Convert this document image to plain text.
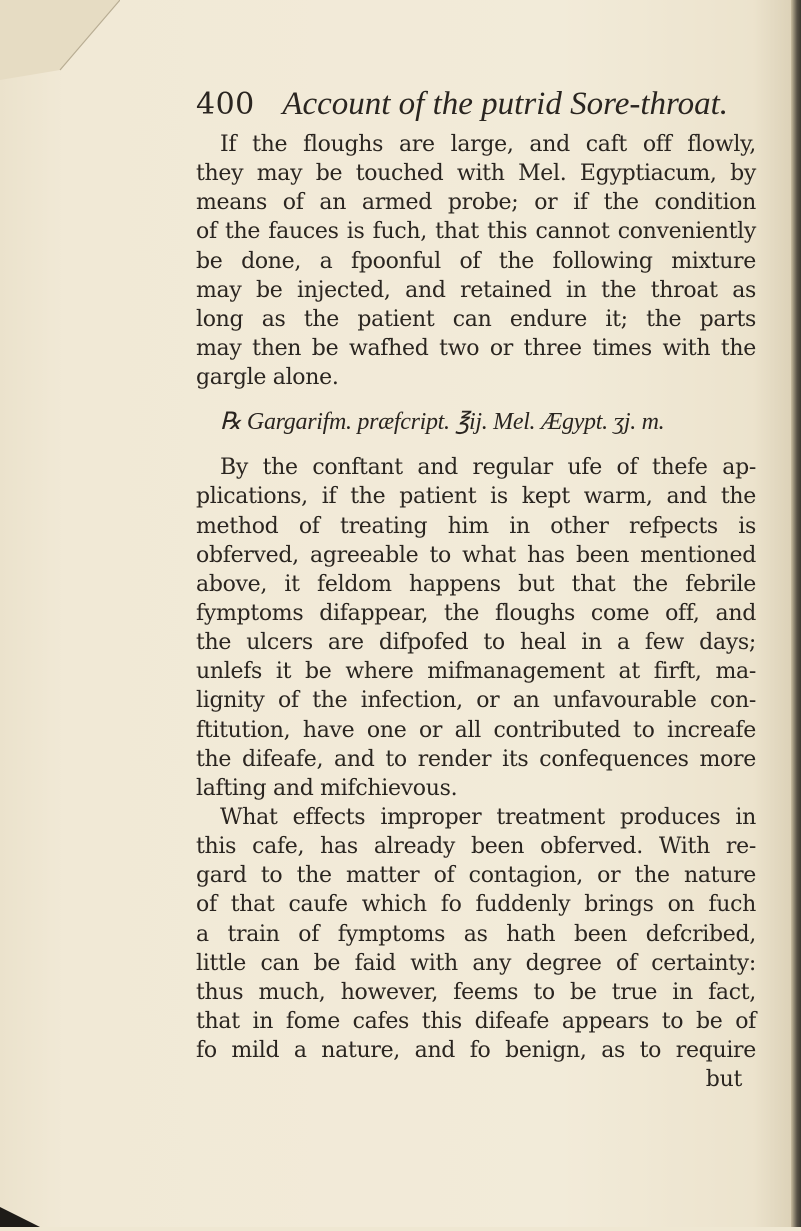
400 Account of the putrid Sore-throat.
If the floughs are large, and caft off flowly,
they may be touched with Mel. Egyptiacum, by
means of an armed probe; or if the condition
of the fauces is fuch, that this cannot conveniently
be done, a fpoonful of the following mixture
may be injected, and retained in the throat as
long as the patient can endure it; the parts
may then be wafhed two or three times with the
gargle alone.
℞ Gargarifm. præfcript. ℥ij. Mel. Ægypt. ʒj. m.
By the conftant and regular ufe of thefe ap-
plications, if the patient is kept warm, and the
method of treating him in other refpects is
obferved, agreeable to what has been mentioned
above, it feldom happens but that the febrile
fymptoms difappear, the floughs come off, and
the ulcers are difpofed to heal in a few days;
unlefs it be where mifmanagement at firft, ma-
lignity of the infection, or an unfavourable con-
ftitution, have one or all contributed to increafe
the difeafe, and to render its confequences more
lafting and mifchievous.
What effects improper treatment produces in
this cafe, has already been obferved. With re-
gard to the matter of contagion, or the nature
of that caufe which fo fuddenly brings on fuch
a train of fymptoms as hath been defcribed,
little can be faid with any degree of certainty:
thus much, however, feems to be true in fact,
that in fome cafes this difeafe appears to be of
fo mild a nature, and fo benign, as to require
but
